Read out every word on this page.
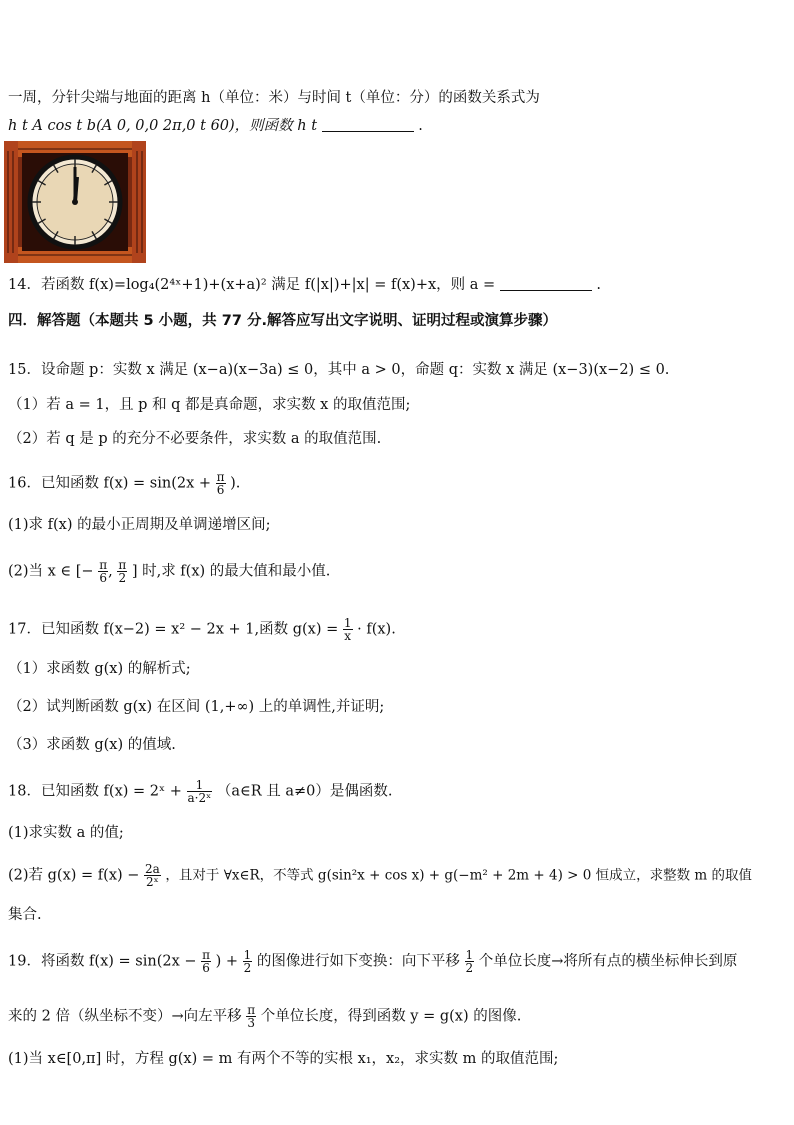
一周，分针尖端与地面的距离 h（单位：米）与时间 t（单位：分）的函数关系式为
h t A cos t b(A 0, 0,0 2π,0 t 60)，则函数 h t	.
14．若函数 f(x)=log₄(2⁴ˣ+1)+(x+a)² 满足 f(|x|)+|x| = f(x)+x，则 a =	.
四．解答题（本题共 5 小题，共 77 分.解答应写出文字说明、证明过程或演算步骤）
15．设命题 p：实数 x 满足 (x−a)(x−3a) ≤ 0，其中 a > 0，命题 q：实数 x 满足 (x−3)(x−2) ≤ 0.
（1）若 a = 1，且 p 和 q 都是真命题，求实数 x 的取值范围;
（2）若 q 是 p 的充分不必要条件，求实数 a 的取值范围.
16．已知函数 $f(x) = \sin(2x + \frac{\pi}{6}$ ).
(1)求 f(x) 的最小正周期及单调递增区间;
(2)当 x ∈ [− $\frac{\pi}{6}$ , $\frac{\pi}{2}$ ] 时,求 f(x) 的最大值和最小值.
17．已知函数 f(x−2) = x² − 2x + 1,函数 $g(x) = \frac{1}{x} \cdot f(x)$.
（1）求函数 g(x) 的解析式;
（2）试判断函数 g(x) 在区间 (1,+∞) 上的单调性,并证明;
（3）求函数 g(x) 的值域.
18．已知函数 f(x) = 2ˣ + $\frac{1}{\text{a·2ˣ}}$ （a∈R 且 a≠0）是偶函数.
(1)求实数 a 的值;
(2)若 $g(x) = f(x) - \frac{2a}{\text{2ˣ}}$ ，且对于 ∀x∈R，不等式 g(sin²x + cos x) + g(−m² + 2m + 4) > 0 恒成立，求整数 m 的取值
集合.
19．将函数 $f(x) = \sin(2x - \frac{\pi}{6}$ ) + $\frac{1}{2}$ 的图像进行如下变换：向下平移 $\frac{1}{2}$ 个单位长度→将所有点的横坐标伸长到原
来的 2 倍（纵坐标不变）→向左平移 $\frac{\pi}{3}$ 个单位长度，得到函数 y = g(x) 的图像.
(1)当 x∈[0,π] 时，方程 g(x) = m 有两个不等的实根 x₁，x₂，求实数 m 的取值范围;
